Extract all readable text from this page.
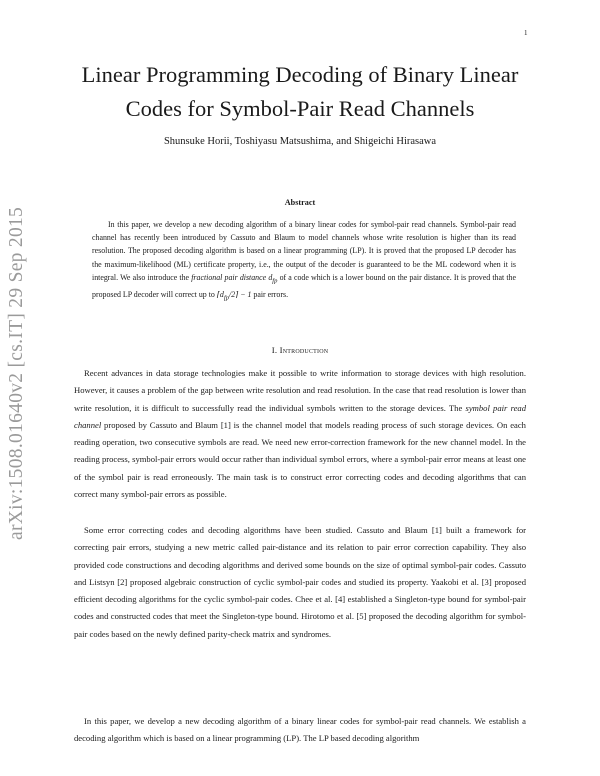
1
arXiv:1508.01640v2 [cs.IT] 29 Sep 2015
Linear Programming Decoding of Binary Linear Codes for Symbol-Pair Read Channels
Shunsuke Horii, Toshiyasu Matsushima, and Shigeichi Hirasawa
Abstract

In this paper, we develop a new decoding algorithm of a binary linear codes for symbol-pair read channels. Symbol-pair read channel has recently been introduced by Cassuto and Blaum to model channels whose write resolution is higher than its read resolution. The proposed decoding algorithm is based on a linear programming (LP). It is proved that the proposed LP decoder has the maximum-likelihood (ML) certificate property, i.e., the output of the decoder is guaranteed to be the ML codeword when it is integral. We also introduce the fractional pair distance $d_{fp}$ of a code which is a lower bound on the pair distance. It is proved that the proposed LP decoder will correct up to $⌈d_{fp}/2⌉ - 1$ pair errors.

I. Introduction

Recent advances in data storage technologies make it possible to write information to storage devices with high resolution. However, it causes a problem of the gap between write resolution and read resolution. In the case that read resolution is lower than write resolution, it is difficult to successfully read the individual symbols written to the storage devices. The symbol pair read channel proposed by Cassuto and Blaum [1] is the channel model that models reading process of such storage devices. On each reading operation, two consecutive symbols are read. We need new error-correction framework for the new channel model. In the reading process, symbol-pair errors would occur rather than individual symbol errors, where a symbol-pair error means at least one of the symbol pair is read erroneously. The main task is to construct error correcting codes and decoding algorithms that can correct many symbol-pair errors as possible.

Some error correcting codes and decoding algorithms have been studied. Cassuto and Blaum [1] built a framework for correcting pair errors, studying a new metric called pair-distance and its relation to pair error correction capability. They also provided code constructions and decoding algorithms and derived some bounds on the size of optimal symbol-pair codes. Cassuto and Listsyn [2] proposed algebraic construction of cyclic symbol-pair codes and studied its property. Yaakobi et al. [3] proposed efficient decoding algorithms for the cyclic symbol-pair codes. Chee et al. [4] established a Singleton-type bound for symbol-pair codes and constructed codes that meet the Singleton-type bound. Hirotomo et al. [5] proposed the decoding algorithm for symbol-pair codes based on the newly defined parity-check matrix and syndromes.

In this paper, we develop a new decoding algorithm of a binary linear codes for symbol-pair read channels. We establish a decoding algorithm which is based on a linear programming (LP). The LP based decoding algorithm
